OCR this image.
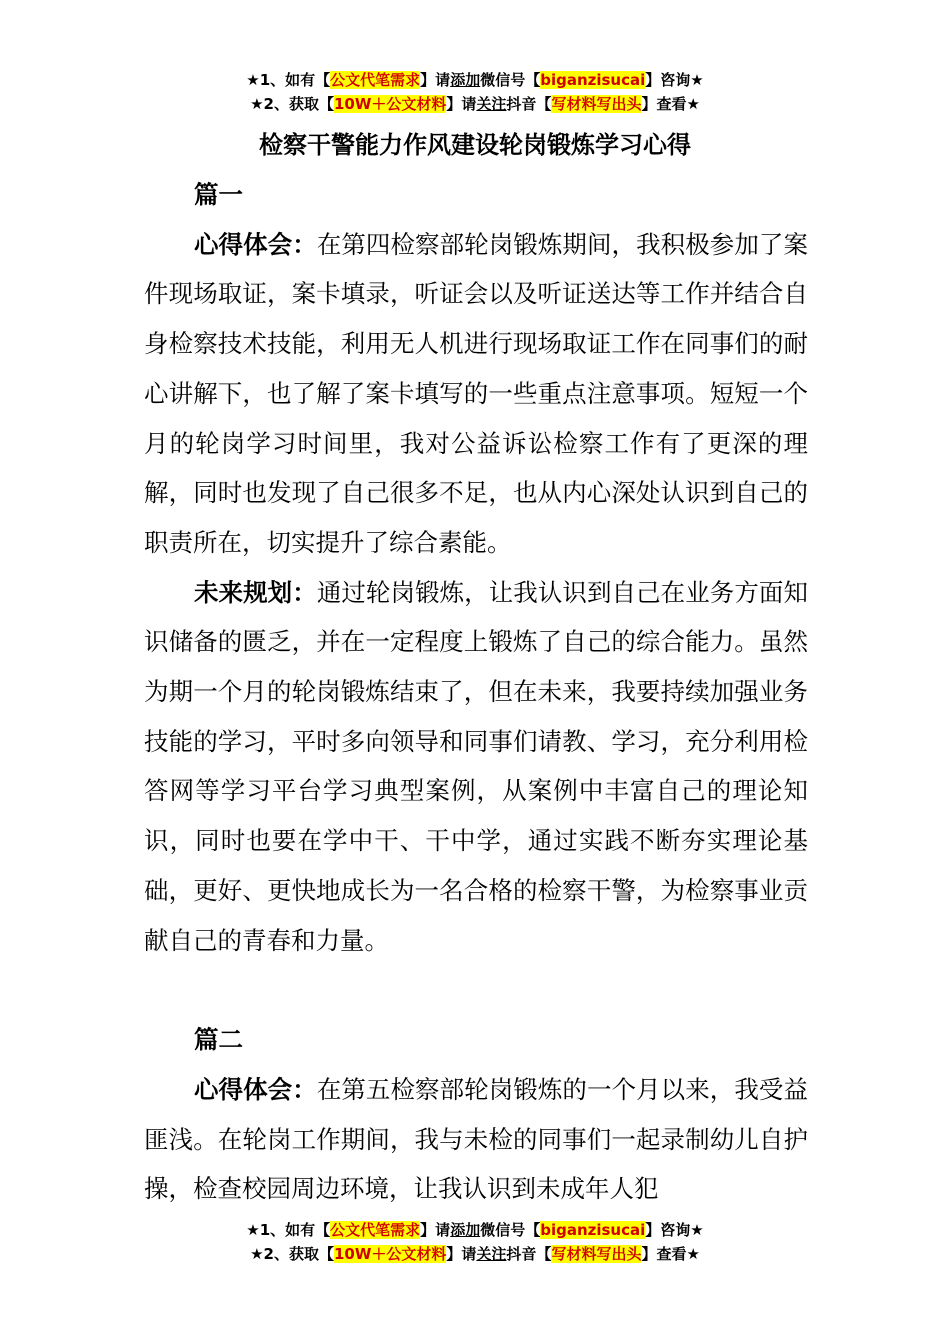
★1、如有【公文代笔需求】请添加微信号【biganzisucai】咨询★
★2、获取【10W＋公文材料】请关注抖音【写材料写出头】查看★
检察干警能力作风建设轮岗锻炼学习心得

篇一

心得体会：在第四检察部轮岗锻炼期间，我积极参加了案件现场取证，案卡填录，听证会以及听证送达等工作并结合自身检察技术技能，利用无人机进行现场取证工作在同事们的耐心讲解下，也了解了案卡填写的一些重点注意事项。短短一个月的轮岗学习时间里，我对公益诉讼检察工作有了更深的理解，同时也发现了自己很多不足，也从内心深处认识到自己的职责所在，切实提升了综合素能。

未来规划：通过轮岗锻炼，让我认识到自己在业务方面知识储备的匮乏，并在一定程度上锻炼了自己的综合能力。虽然为期一个月的轮岗锻炼结束了，但在未来，我要持续加强业务技能的学习，平时多向领导和同事们请教、学习，充分利用检答网等学习平台学习典型案例，从案例中丰富自己的理论知识，同时也要在学中干、干中学，通过实践不断夯实理论基础，更好、更快地成长为一名合格的检察干警，为检察事业贡献自己的青春和力量。

篇二

心得体会：在第五检察部轮岗锻炼的一个月以来，我受益匪浅。在轮岗工作期间，我与未检的同事们一起录制幼儿自护操，检查校园周边环境，让我认识到未成年人犯

★1、如有【公文代笔需求】请添加微信号【biganzisucai】咨询★
★2、获取【10W＋公文材料】请关注抖音【写材料写出头】查看★
